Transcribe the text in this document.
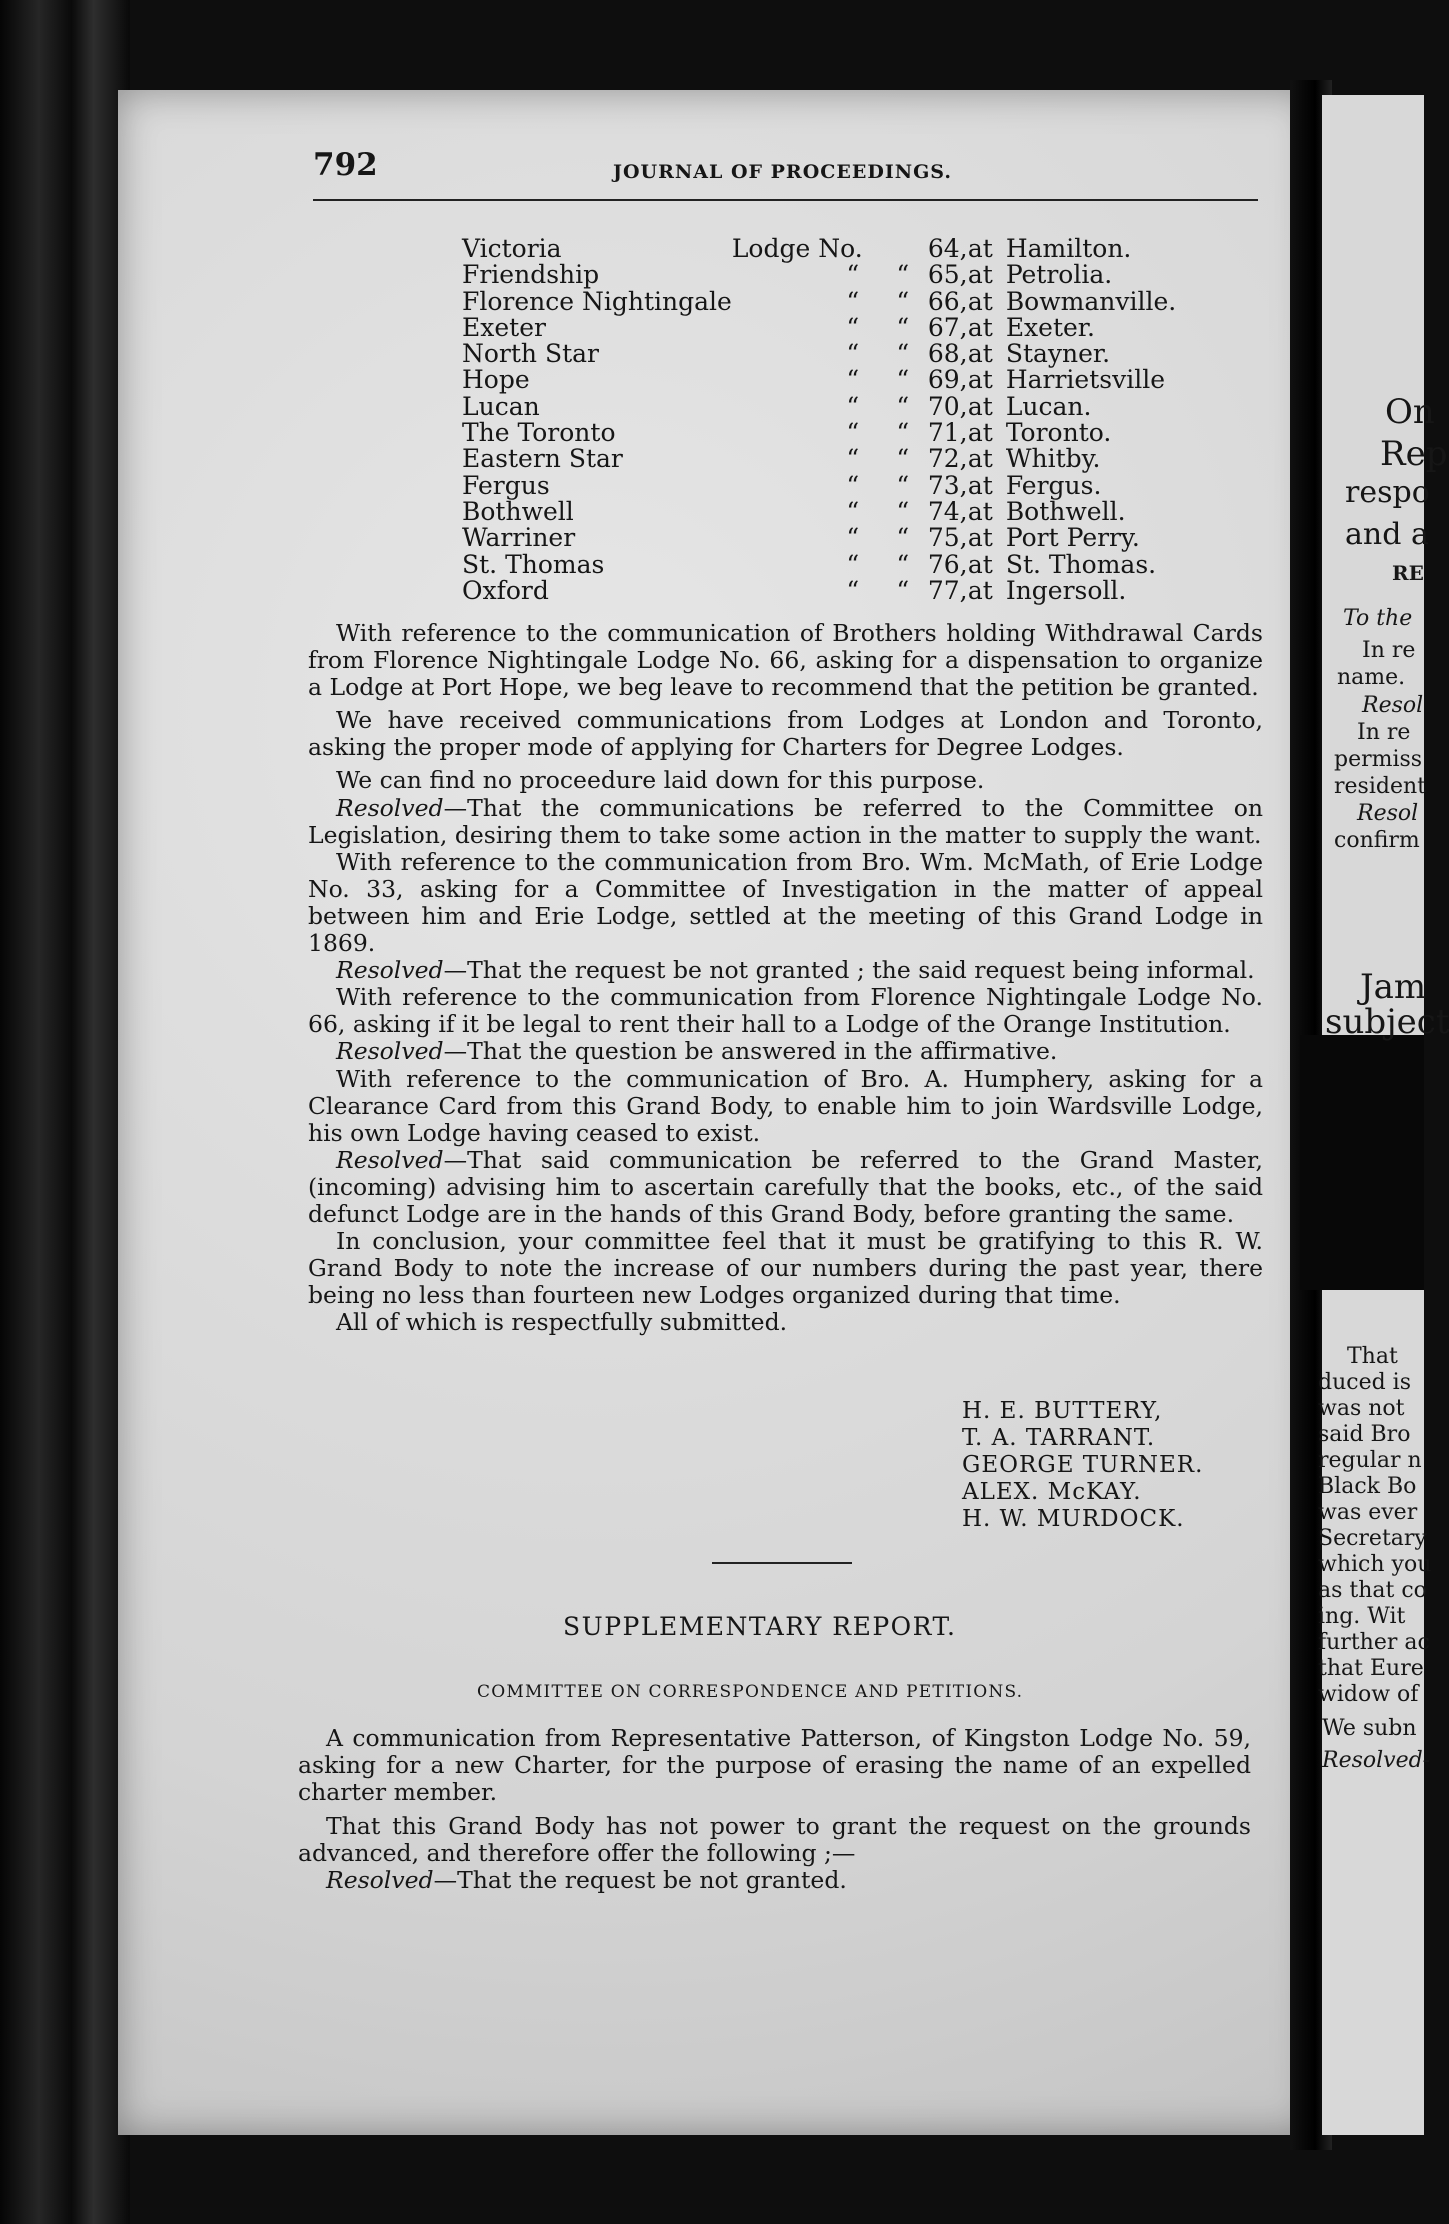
792	JOURNAL OF PROCEEDINGS.
Victoria	Lodge No.			64,	at	Hamilton.
Friendship		“	“	65,	at	Petrolia.
Florence Nightingale		“	“	66,	at	Bowmanville.
Exeter		“	“	67,	at	Exeter.
North Star		“	“	68,	at	Stayner.
Hope		“	“	69,	at	Harrietsville
Lucan		“	“	70,	at	Lucan.
The Toronto		“	“	71,	at	Toronto.
Eastern Star		“	“	72,	at	Whitby.
Fergus		“	“	73,	at	Fergus.
Bothwell		“	“	74,	at	Bothwell.
Warriner		“	“	75,	at	Port Perry.
St. Thomas		“	“	76,	at	St. Thomas.
Oxford		“	“	77,	at	Ingersoll.

With reference to the communication of Brothers holding Withdrawal Cards from Florence Nightingale Lodge No. 66, asking for a dispensation to organize a Lodge at Port Hope, we beg leave to recommend that the petition be granted.

We have received communications from Lodges at London and Toronto, asking the proper mode of applying for Charters for Degree Lodges.

We can find no proceedure laid down for this purpose.

Resolved—That the communications be referred to the Committee on Legislation, desiring them to take some action in the matter to supply the want.

With reference to the communication from Bro. Wm. McMath, of Erie Lodge No. 33, asking for a Committee of Investigation in the matter of appeal between him and Erie Lodge, settled at the meeting of this Grand Lodge in 1869.

Resolved—That the request be not granted ; the said request being informal.

With reference to the communication from Florence Nightingale Lodge No. 66, asking if it be legal to rent their hall to a Lodge of the Orange Institution.

Resolved—That the question be answered in the affirmative.

With reference to the communication of Bro. A. Humphery, asking for a Clearance Card from this Grand Body, to enable him to join Wardsville Lodge, his own Lodge having ceased to exist.

Resolved—That said communication be referred to the Grand Master, (incoming) advising him to ascertain carefully that the books, etc., of the said defunct Lodge are in the hands of this Grand Body, before granting the same.

In conclusion, your committee feel that it must be gratifying to this R. W. Grand Body to note the increase of our numbers during the past year, there being no less than fourteen new Lodges organized during that time.

All of which is respectfully submitted.

H. E. BUTTERY,
T. A. TARRANT.
GEORGE TURNER.
ALEX. McKAY.
H. W. MURDOCK.
SUPPLEMENTARY REPORT.
COMMITTEE ON CORRESPONDENCE AND PETITIONS.

A communication from Representative Patterson, of Kingston Lodge No. 59, asking for a new Charter, for the purpose of erasing the name of an expelled charter member.

That this Grand Body has not power to grant the request on the grounds advanced, and therefore offer the following ;—

Resolved—That the request be not granted.

On
Rep
respo
and a
RE
To the
In re
name.
Resol
In re
permiss
resident
Resol
confirm
Jam
subject
That
duced is
was not
said Bro
regular n
Black Bo
was ever
Secretary
which you
as that co
ing. Wit
further ac
that Eure
widow of
We subn
Resolved-
